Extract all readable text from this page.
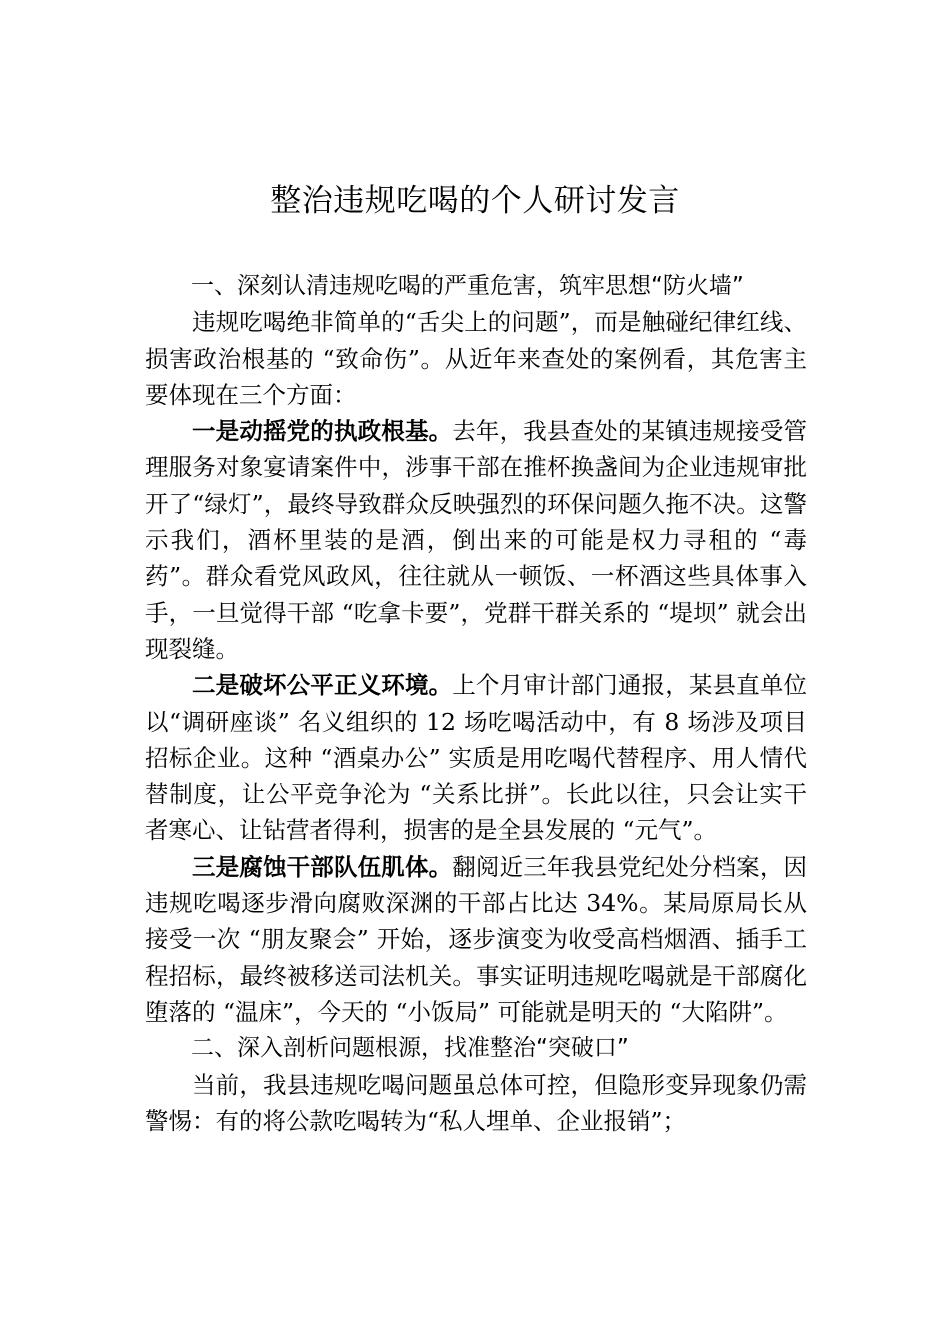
整治违规吃喝的个人研讨发言

一、深刻认清违规吃喝的严重危害，筑牢思想“防火墙”

违规吃喝绝非简单的“舌尖上的问题”，而是触碰纪律红线、损害政治根基的 “致命伤”。从近年来查处的案例看，其危害主要体现在三个方面：

一是动摇党的执政根基。去年，我县查处的某镇违规接受管理服务对象宴请案件中，涉事干部在推杯换盏间为企业违规审批开了“绿灯”，最终导致群众反映强烈的环保问题久拖不决。这警示我们，酒杯里装的是酒，倒出来的可能是权力寻租的 “毒药”。群众看党风政风，往往就从一顿饭、一杯酒这些具体事入手，一旦觉得干部 “吃拿卡要”，党群干群关系的 “堤坝” 就会出现裂缝。

二是破坏公平正义环境。上个月审计部门通报，某县直单位以“调研座谈” 名义组织的 12 场吃喝活动中，有 8 场涉及项目招标企业。这种 “酒桌办公” 实质是用吃喝代替程序、用人情代替制度，让公平竞争沦为 “关系比拼”。长此以往，只会让实干者寒心、让钻营者得利，损害的是全县发展的 “元气”。

三是腐蚀干部队伍肌体。翻阅近三年我县党纪处分档案，因违规吃喝逐步滑向腐败深渊的干部占比达 34%。某局原局长从接受一次 “朋友聚会” 开始，逐步演变为收受高档烟酒、插手工程招标，最终被移送司法机关。事实证明违规吃喝就是干部腐化堕落的 “温床”，今天的 “小饭局” 可能就是明天的 “大陷阱”。

二、深入剖析问题根源，找准整治“突破口”

当前，我县违规吃喝问题虽总体可控，但隐形变异现象仍需警惕：有的将公款吃喝转为“私人埋单、企业报销”；
